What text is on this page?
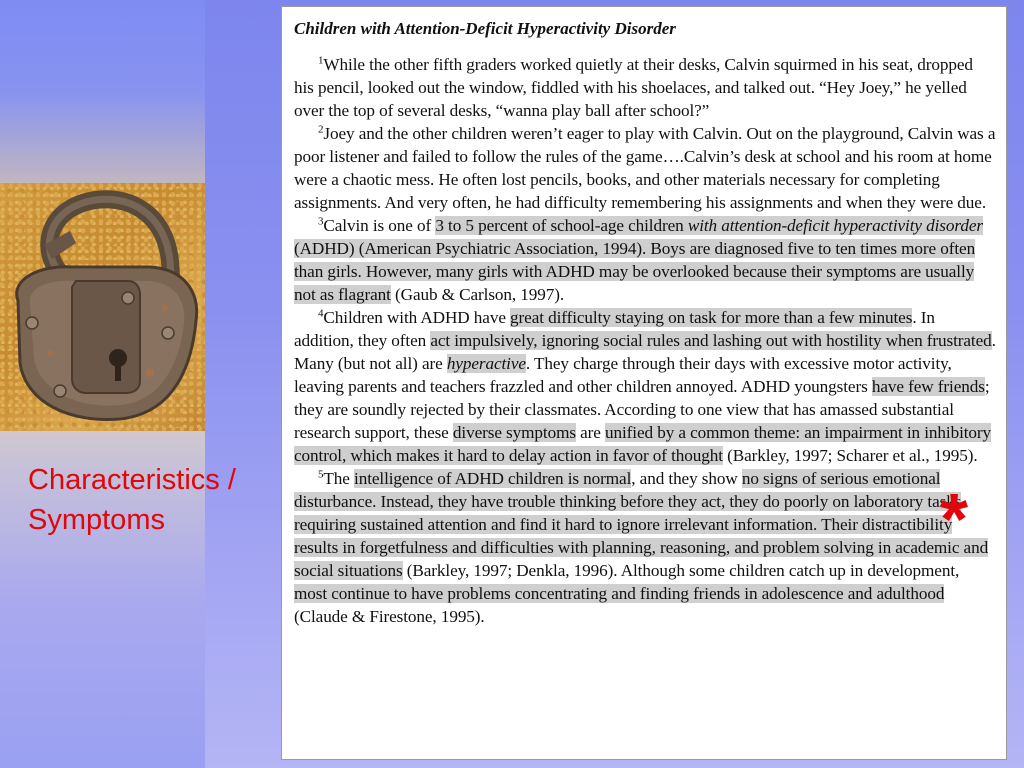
Characteristics / Symptoms
Children with Attention-Deficit Hyperactivity Disorder

$^1$While the other fifth graders worked quietly at their desks, Calvin squirmed in his seat, dropped his pencil, looked out the window, fiddled with his shoelaces, and talked out. “Hey Joey,” he yelled over the top of several desks, “wanna play ball after school?”

$^2$Joey and the other children weren’t eager to play with Calvin. Out on the playground, Calvin was a poor listener and failed to follow the rules of the game….Calvin’s desk at school and his room at home were a chaotic mess. He often lost pencils, books, and other materials necessary for completing assignments. And very often, he had difficulty remembering his assignments and when they were due.

$^3$Calvin is one of 3 to 5 percent of school-age children with attention-deficit hyperactivity disorder (ADHD) (American Psychiatric Association, 1994). Boys are diagnosed five to ten times more often than girls. However, many girls with ADHD may be overlooked because their symptoms are usually not as flagrant (Gaub & Carlson, 1997).

$^4$Children with ADHD have great difficulty staying on task for more than a few minutes. In addition, they often act impulsively, ignoring social rules and lashing out with hostility when frustrated. Many (but not all) are hyperactive. They charge through their days with excessive motor activity, leaving parents and teachers frazzled and other children annoyed. ADHD youngsters have few friends; they are soundly rejected by their classmates. According to one view that has amassed substantial research support, these diverse symptoms are unified by a common theme: an impairment in inhibitory control, which makes it hard to delay action in favor of thought (Barkley, 1997; Scharer et al., 1995).

$^5$The intelligence of ADHD children is normal, and they show no signs of serious emotional disturbance. Instead, they have trouble thinking before they act, they do poorly on laboratory tasks requiring sustained attention and find it hard to ignore irrelevant information. Their distractibility results in forgetfulness and difficulties with planning, reasoning, and problem solving in academic and social situations (Barkley, 1997; Denkla, 1996). Although some children catch up in development, most continue to have problems concentrating and finding friends in adolescence and adulthood (Claude & Firestone, 1995).

*
